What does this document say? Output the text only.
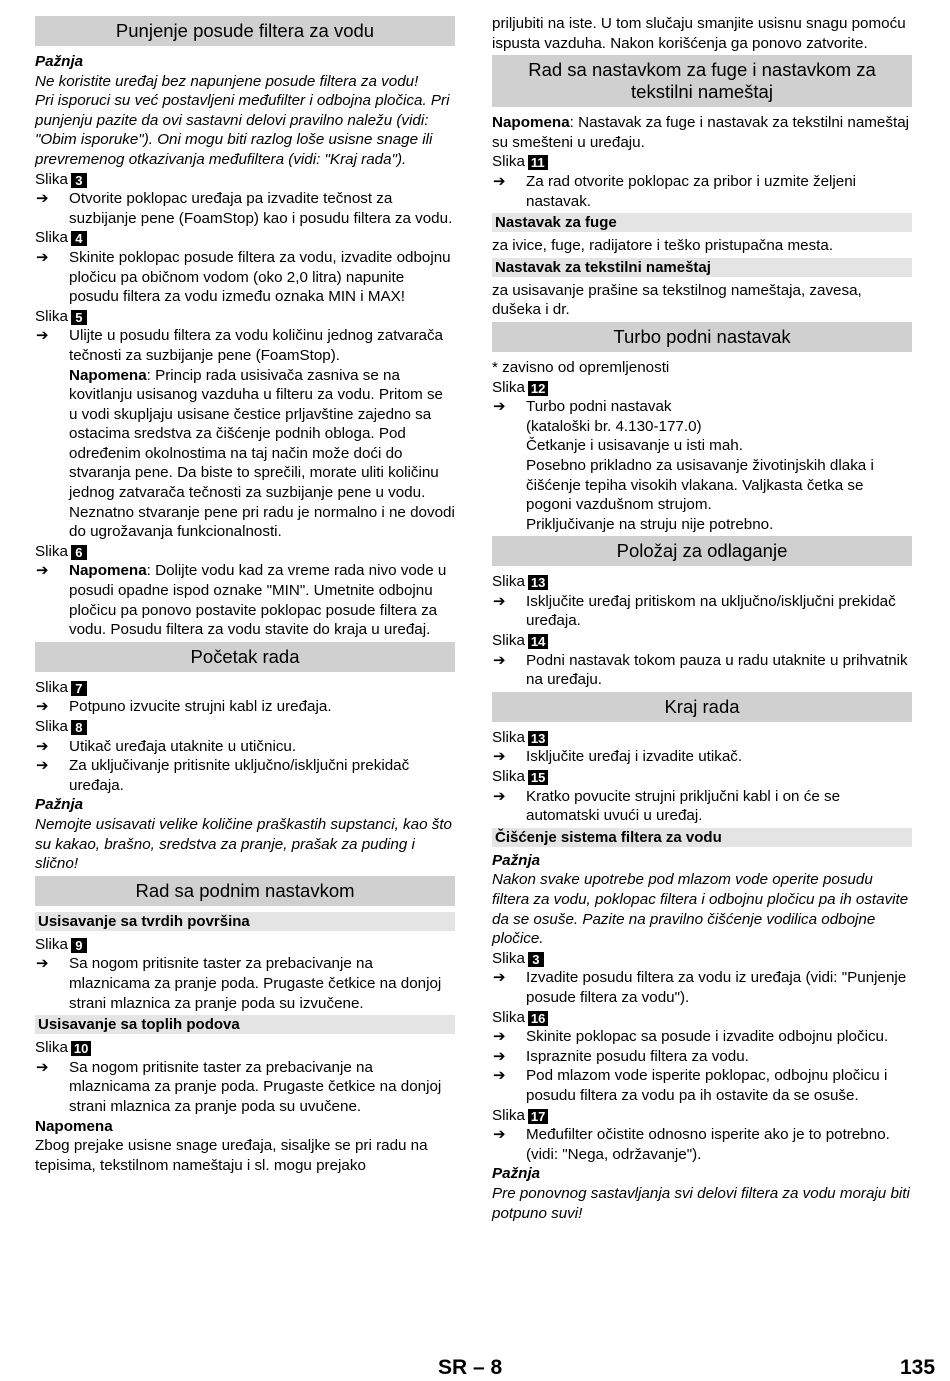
Punjenje posude filtera za vodu

Pažnja

Ne koristite uređaj bez napunjene posude filtera za vodu!

Pri isporuci su već postavljeni međufilter i odbojna pločica. Pri punjenju pazite da ovi sastavni delovi pravilno naležu (vidi: "Obim isporuke"). Oni mogu biti razlog loše usisne snage ili prevremenog otkazivanja međufiltera (vidi: "Kraj rada").

Slika 3
➔ Otvorite poklopac uređaja pa izvadite tečnost za suzbijanje pene (FoamStop) kao i posudu filtera za vodu.
Slika 4
➔ Skinite poklopac posude filtera za vodu, izvadite odbojnu pločicu pa običnom vodom (oko 2,0 litra) napunite posudu filtera za vodu između oznaka MIN i MAX!
Slika 5
➔ Ulijte u posudu filtera za vodu količinu jednog zatvarača tečnosti za suzbijanje pene (FoamStop).
Napomena: Princip rada usisivača zasniva se na kovitlanju usisanog vazduha u filteru za vodu. Pritom se u vodi skupljaju usisane čestice prljavštine zajedno sa ostacima sredstva za čišćenje podnih obloga. Pod određenim okolnostima na taj način može doći do stvaranja pene. Da biste to sprečili, morate uliti količinu jednog zatvarača tečnosti za suzbijanje pene u vodu. Neznatno stvaranje pene pri radu je normalno i ne dovodi do ugrožavanja funkcionalnosti.
Slika 6
➔ Napomena: Dolijte vodu kad za vreme rada nivo vode u posudi opadne ispod oznake "MIN". Umetnite odbojnu pločicu pa ponovo postavite poklopac posude filtera za vodu. Posudu filtera za vodu stavite do kraja u uređaj.
Početak rada
Slika 7
➔ Potpuno izvucite strujni kabl iz uređaja.
Slika 8
➔ Utikač uređaja utaknite u utičnicu.
➔ Za uključivanje pritisnite uključno/isključni prekidač uređaja.

Pažnja

Nemojte usisavati velike količine praškastih supstanci, kao što su kakao, brašno, sredstva za pranje, prašak za puding i slično!

Rad sa podnim nastavkom
Usisavanje sa tvrdih površina
Slika 9
➔ Sa nogom pritisnite taster za prebacivanje na mlaznicama za pranje poda. Prugaste četkice na donjoj strani mlaznica za pranje poda su izvučene.
Usisavanje sa toplih podova
Slika 10
➔ Sa nogom pritisnite taster za prebacivanje na mlaznicama za pranje poda. Prugaste četkice na donjoj strani mlaznica za pranje poda su uvučene.

Napomena

Zbog prejake usisne snage uređaja, sisaljke se pri radu na tepisima, tekstilnom nameštaju i sl. mogu prejako

priljubiti na iste. U tom slučaju smanjite usisnu snagu pomoću ispusta vazduha. Nakon korišćenja ga ponovo zatvorite.

Rad sa nastavkom za fuge i nastavkom za tekstilni nameštaj

Napomena: Nastavak za fuge i nastavak za tekstilni nameštaj su smešteni u uređaju.

Slika 11
➔ Za rad otvorite poklopac za pribor i uzmite željeni nastavak.
Nastavak za fuge

za ivice, fuge, radijatore i teško pristupačna mesta.

Nastavak za tekstilni nameštaj

za usisavanje prašine sa tekstilnog nameštaja, zavesa, dušeka i dr.

Turbo podni nastavak

* zavisno od opremljenosti

Slika 12
➔ Turbo podni nastavak
(kataloški br. 4.130-177.0)
Četkanje i usisavanje u isti mah.
Posebno prikladno za usisavanje životinjskih dlaka i čišćenje tepiha visokih vlakana. Valjkasta četka se pogoni vazdušnom strujom.
Priključivanje na struju nije potrebno.
Položaj za odlaganje
Slika 13
➔ Isključite uređaj pritiskom na uključno/isključni prekidač uređaja.
Slika 14
➔ Podni nastavak tokom pauza u radu utaknite u prihvatnik na uređaju.
Kraj rada
Slika 13
➔ Isključite uređaj i izvadite utikač.
Slika 15
➔ Kratko povucite strujni priključni kabl i on će se automatski uvući u uređaj.
Čišćenje sistema filtera za vodu

Pažnja

Nakon svake upotrebe pod mlazom vode operite posudu filtera za vodu, poklopac filtera i odbojnu pločicu pa ih ostavite da se osuše. Pazite na pravilno čišćenje vodilica odbojne pločice.

Slika 3
➔ Izvadite posudu filtera za vodu iz uređaja (vidi: "Punjenje posude filtera za vodu").
Slika 16
➔ Skinite poklopac sa posude i izvadite odbojnu pločicu.
➔ Ispraznite posudu filtera za vodu.
➔ Pod mlazom vode isperite poklopac, odbojnu pločicu i posudu filtera za vodu pa ih ostavite da se osuše.
Slika 17
➔ Međufilter očistite odnosno isperite ako je to potrebno.
(vidi: "Nega, održavanje").

Pažnja

Pre ponovnog sastavljanja svi delovi filtera za vodu moraju biti potpuno suvi!

SR – 8	135
